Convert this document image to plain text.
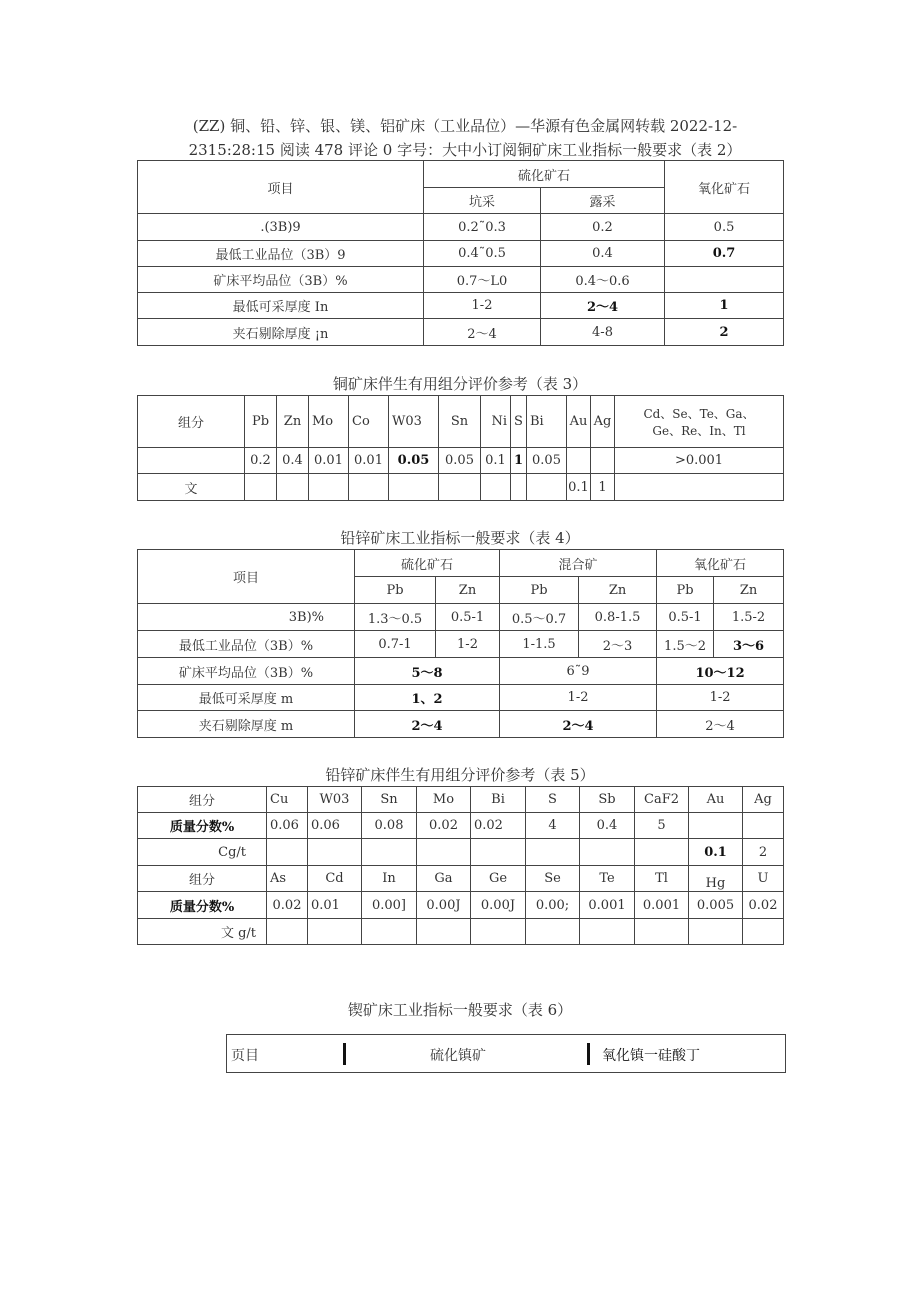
(ZZ) 铜、铅、锌、银、镁、铝矿床（工业品位）—华源有色金属网转载 2022-12-
2315:28:15 阅读 478 评论 0 字号：大中小订阅铜矿床工业指标一般要求（表 2）
项目	硫化矿石		氧化矿石
	坑采	露采	
.(3B)9	0.2˜0.3	0.2	0.5
最低工业品位（3B）9	0.4˜0.5	0.4	0.7
矿床平均品位（3B）%	0.7～L0	0.4～0.6	
最低可采厚度 In	1-2	2～4	1
夹石剔除厚度 ¡n	2～4	4-8	2
铜矿床伴生有用组分评价参考（表 3）
组分	Pb	Zn	Mo	Co	W03	Sn	Ni	S	Bi	Au	Ag	Cd、Se、Te、Ga、
Ge、Re、In、Tl

	0.2	0.4	0.01	0.01	0.05	0.05	0.1	1	0.05			>0.001
文										0.1	1	
铅锌矿床工业指标一般要求（表 4）
项目	硫化矿石		混合矿		氧化矿石	
	Pb	Zn	Pb	Zn	Pb	Zn
3B)%	1.3～0.5	0.5-1	0.5～0.7	0.8-1.5	0.5-1	1.5-2
最低工业品位（3B）%	0.7-1	1-2	1-1.5	2～3	1.5～2	3～6
矿床平均品位（3B）%	5～8		6˜9		10～12	
最低可采厚度 m	1、2		1-2		1-2	
夹石剔除厚度 m	2～4		2～4		2～4	
铅锌矿床伴生有用组分评价参考（表 5）
组分	Cu	W03	Sn	Mo	Bi	S	Sb	CaF2	Au	Ag
质量分数%	0.06	0.06	0.08	0.02	0.02	4	0.4	5		
Cg/t									0.1	2
组分	As	Cd	In	Ga	Ge	Se	Te	Tl	Hg	U
质量分数%	0.02	0.01	0.00]	0.00J	0.00J	0.00;	0.001	0.001	0.005	0.02
文 g/t										
锲矿床工业指标一般要求（表 6）
页目	硫化镇矿	氧化镇一硅酸丁
